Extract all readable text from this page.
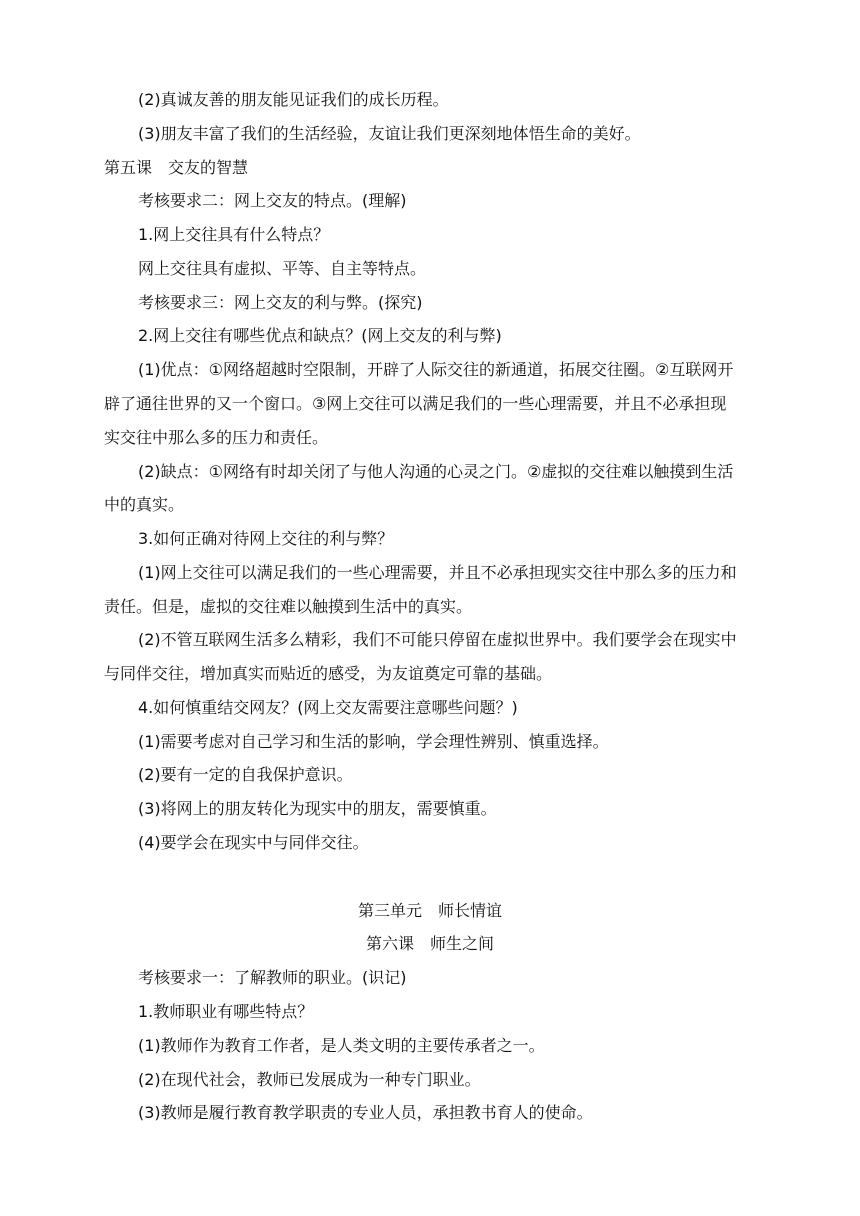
(2)真诚友善的朋友能见证我们的成长历程。
(3)朋友丰富了我们的生活经验，友谊让我们更深刻地体悟生命的美好。
第五课　交友的智慧
考核要求二：网上交友的特点。(理解)
1.网上交往具有什么特点？
网上交往具有虚拟、平等、自主等特点。
考核要求三：网上交友的利与弊。(探究)
2.网上交往有哪些优点和缺点？(网上交友的利与弊)
(1)优点：①网络超越时空限制，开辟了人际交往的新通道，拓展交往圈。②互联网开
辟了通往世界的又一个窗口。③网上交往可以满足我们的一些心理需要，并且不必承担现
实交往中那么多的压力和责任。
(2)缺点：①网络有时却关闭了与他人沟通的心灵之门。②虚拟的交往难以触摸到生活
中的真实。
3.如何正确对待网上交往的利与弊？
(1)网上交往可以满足我们的一些心理需要，并且不必承担现实交往中那么多的压力和
责任。但是，虚拟的交往难以触摸到生活中的真实。
(2)不管互联网生活多么精彩，我们不可能只停留在虚拟世界中。我们要学会在现实中
与同伴交往，增加真实而贴近的感受，为友谊奠定可靠的基础。
4.如何慎重结交网友？(网上交友需要注意哪些问题？)
(1)需要考虑对自己学习和生活的影响，学会理性辨别、慎重选择。
(2)要有一定的自我保护意识。
(3)将网上的朋友转化为现实中的朋友，需要慎重。
(4)要学会在现实中与同伴交往。
第三单元　师长情谊
第六课　师生之间
考核要求一：了解教师的职业。(识记)
1.教师职业有哪些特点？
(1)教师作为教育工作者，是人类文明的主要传承者之一。
(2)在现代社会，教师已发展成为一种专门职业。
(3)教师是履行教育教学职责的专业人员，承担教书育人的使命。
